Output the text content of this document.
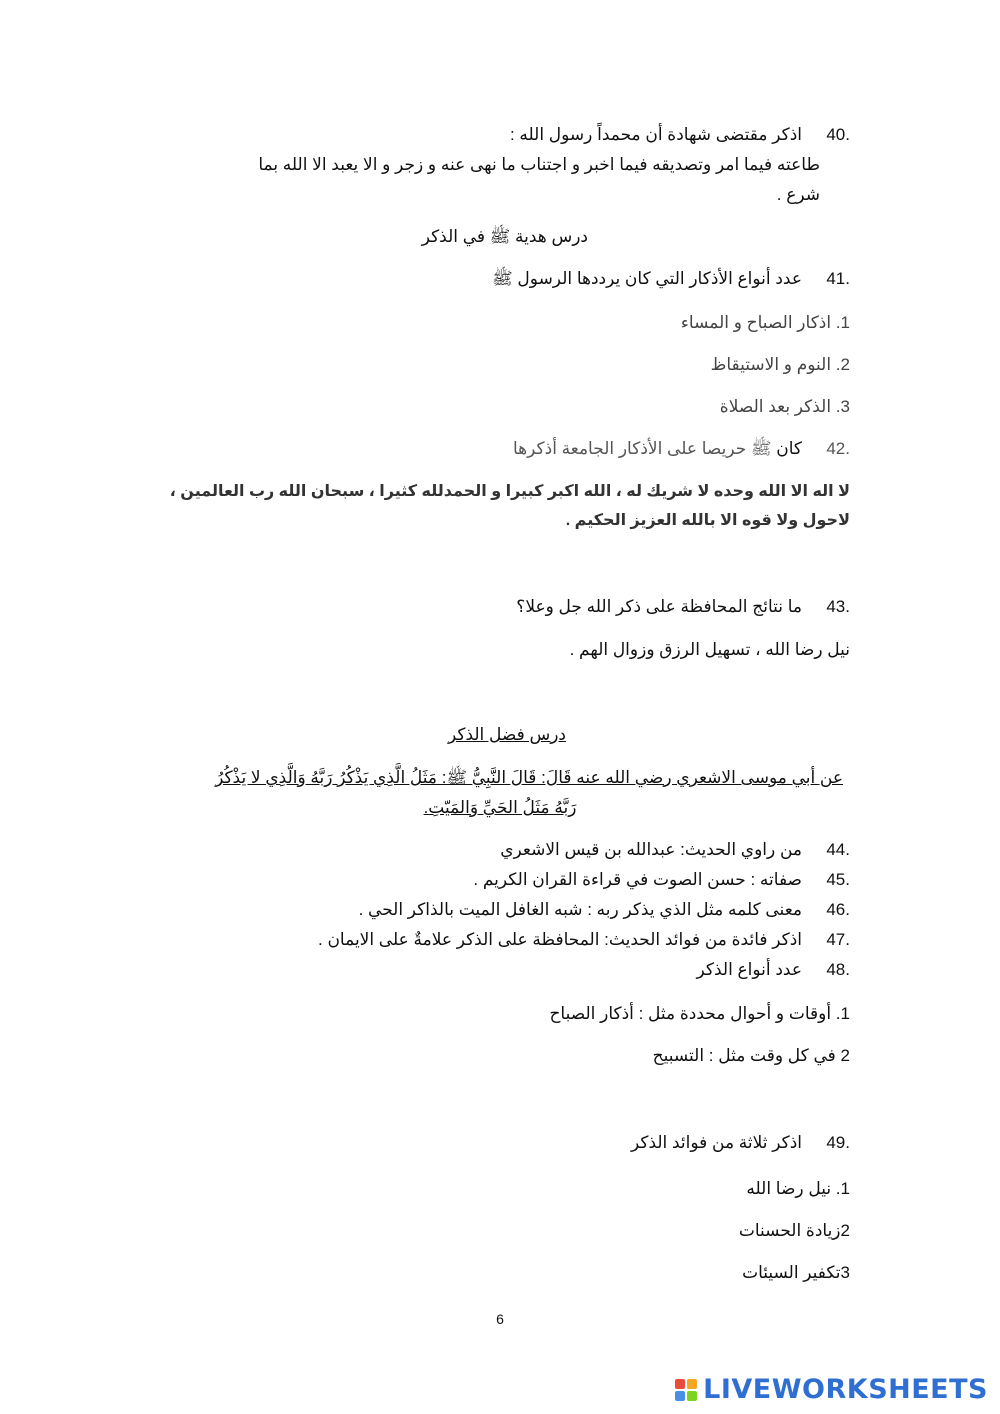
.40اذكر مقتضى شهادة أن محمداً رسول الله :
طاعته فيما امر وتصديقه فيما اخبر و اجتناب ما نهى عنه و زجر و الا يعبد الا الله بما
شرع .
درس هدية ﷺ في الذكر
.41عدد أنواع الأذكار التي كان يرددها الرسول ﷺ
1. اذكار الصباح و المساء
2. النوم و الاستيقاظ
3. الذكر بعد الصلاة
.42كان ﷺ حريصا على الأذكار الجامعة أذكرها
لا اله الا الله وحده لا شريك له ، الله اكبر كبيرا و الحمدلله كثيرا ، سبحان الله رب العالمين ،
لاحول ولا قوه الا بالله العزيز الحكيم .
.43ما نتائج المحافظة على ذكر الله جل وعلا؟
نيل رضا الله ، تسهيل الرزق وزوال الهم .
درس فضل الذكر
عن أبي موسى الاشعري رضي الله عنه قَالَ: قَالَ النَّبِيُّ ﷺ: مَثَلُ الَّذِي يَذْكُرُ رَبَّهُ وَالَّذِي لا يَذْكُرُ
رَبَّهُ مَثَلُ الحَيِّ وَالمَيّتِ.
.44من راوي الحديث: عبدالله بن قيس الاشعري
.45صفاته : حسن الصوت في قراءة القران الكريم .
.46معنى كلمه مثل الذي يذكر ربه : شبه الغافل الميت بالذاكر الحي .
.47اذكر فائدة من فوائد الحديث: المحافظة على الذكر علامةٌ على الايمان .
.48عدد أنواع الذكر
1. أوقات و أحوال محددة مثل : أذكار الصباح
2 في كل وقت مثل : التسبيح
.49اذكر ثلاثة من فوائد الذكر
1. نيل رضا الله
2زيادة الحسنات
3تكفير السيئات
6
LIVEWORKSHEETS
